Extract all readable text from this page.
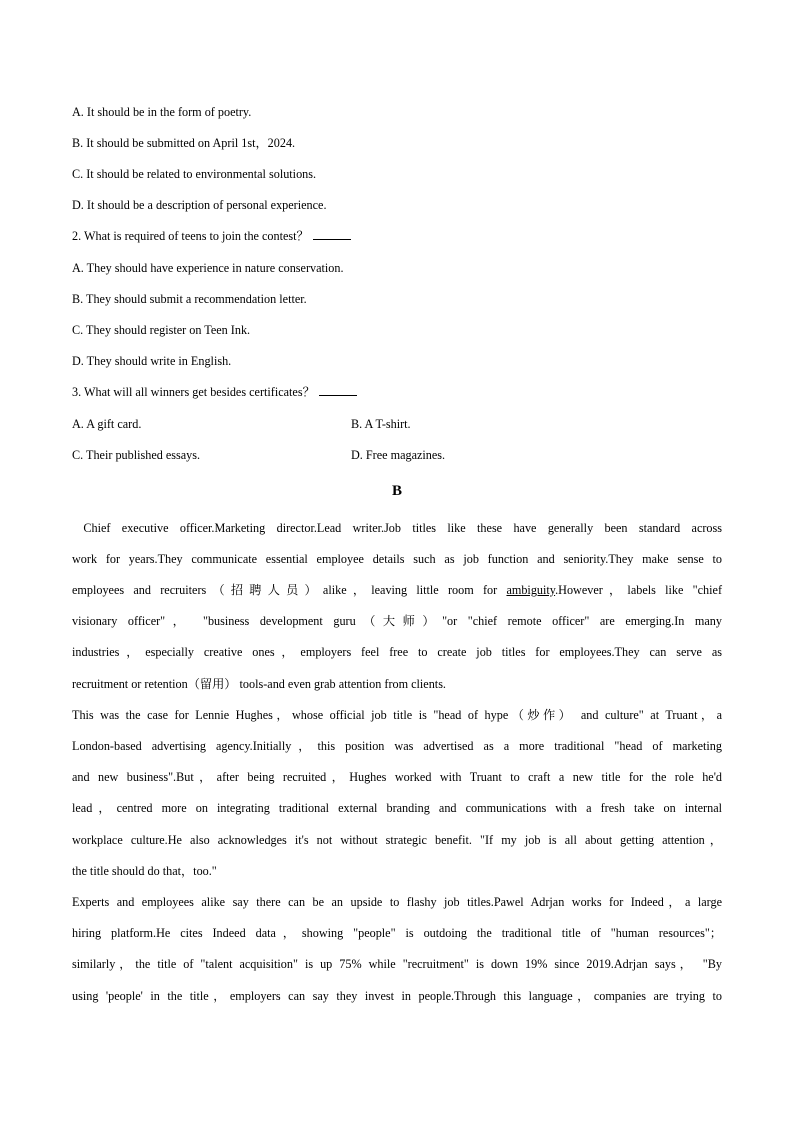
A. It should be in the form of poetry.
B. It should be submitted on April 1st，2024.
C. It should be related to environmental solutions.
D. It should be a description of personal experience.
2. What is required of teens to join the contest？
A. They should have experience in nature conservation.
B. They should submit a recommendation letter.
C. They should register on Teen Ink.
D. They should write in English.
3. What will all winners get besides certificates？
A. A gift card.	B. A T-shirt.
C. Their published essays.	D. Free magazines.
B
Chief executive officer.Marketing director.Lead writer.Job titles like these have generally been standard across
work for years.They communicate essential employee details such as job function and seniority.They make sense to
employees and recruiters（招聘人员）alike，leaving little room for ambiguity.However，labels like "chief
visionary officer"， "business development guru（大师）"or "chief remote officer" are emerging.In many
industries，especially creative ones，employers feel free to create job titles for employees.They can serve as
recruitment or retention（留用） tools-and even grab attention from clients.
This was the case for Lennie Hughes，whose official job title is "head of hype（炒作） and culture" at Truant，a
London-based advertising agency.Initially，this position was advertised as a more traditional "head of marketing
and new business".But，after being recruited，Hughes worked with Truant to craft a new title for the role he'd
lead，centred more on integrating traditional external branding and communications with a fresh take on internal
workplace culture.He also acknowledges it's not without strategic benefit. "If my job is all about getting attention，
the title should do that，too."
Experts and employees alike say there can be an upside to flashy job titles.Pawel Adrjan works for Indeed，a large
hiring platform.He cites Indeed data，showing "people" is outdoing the traditional title of "human resources"；
similarly，the title of "talent acquisition" is up 75% while "recruitment" is down 19% since 2019.Adrjan says， "By
using 'people' in the title，employers can say they invest in people.Through this language，companies are trying to
